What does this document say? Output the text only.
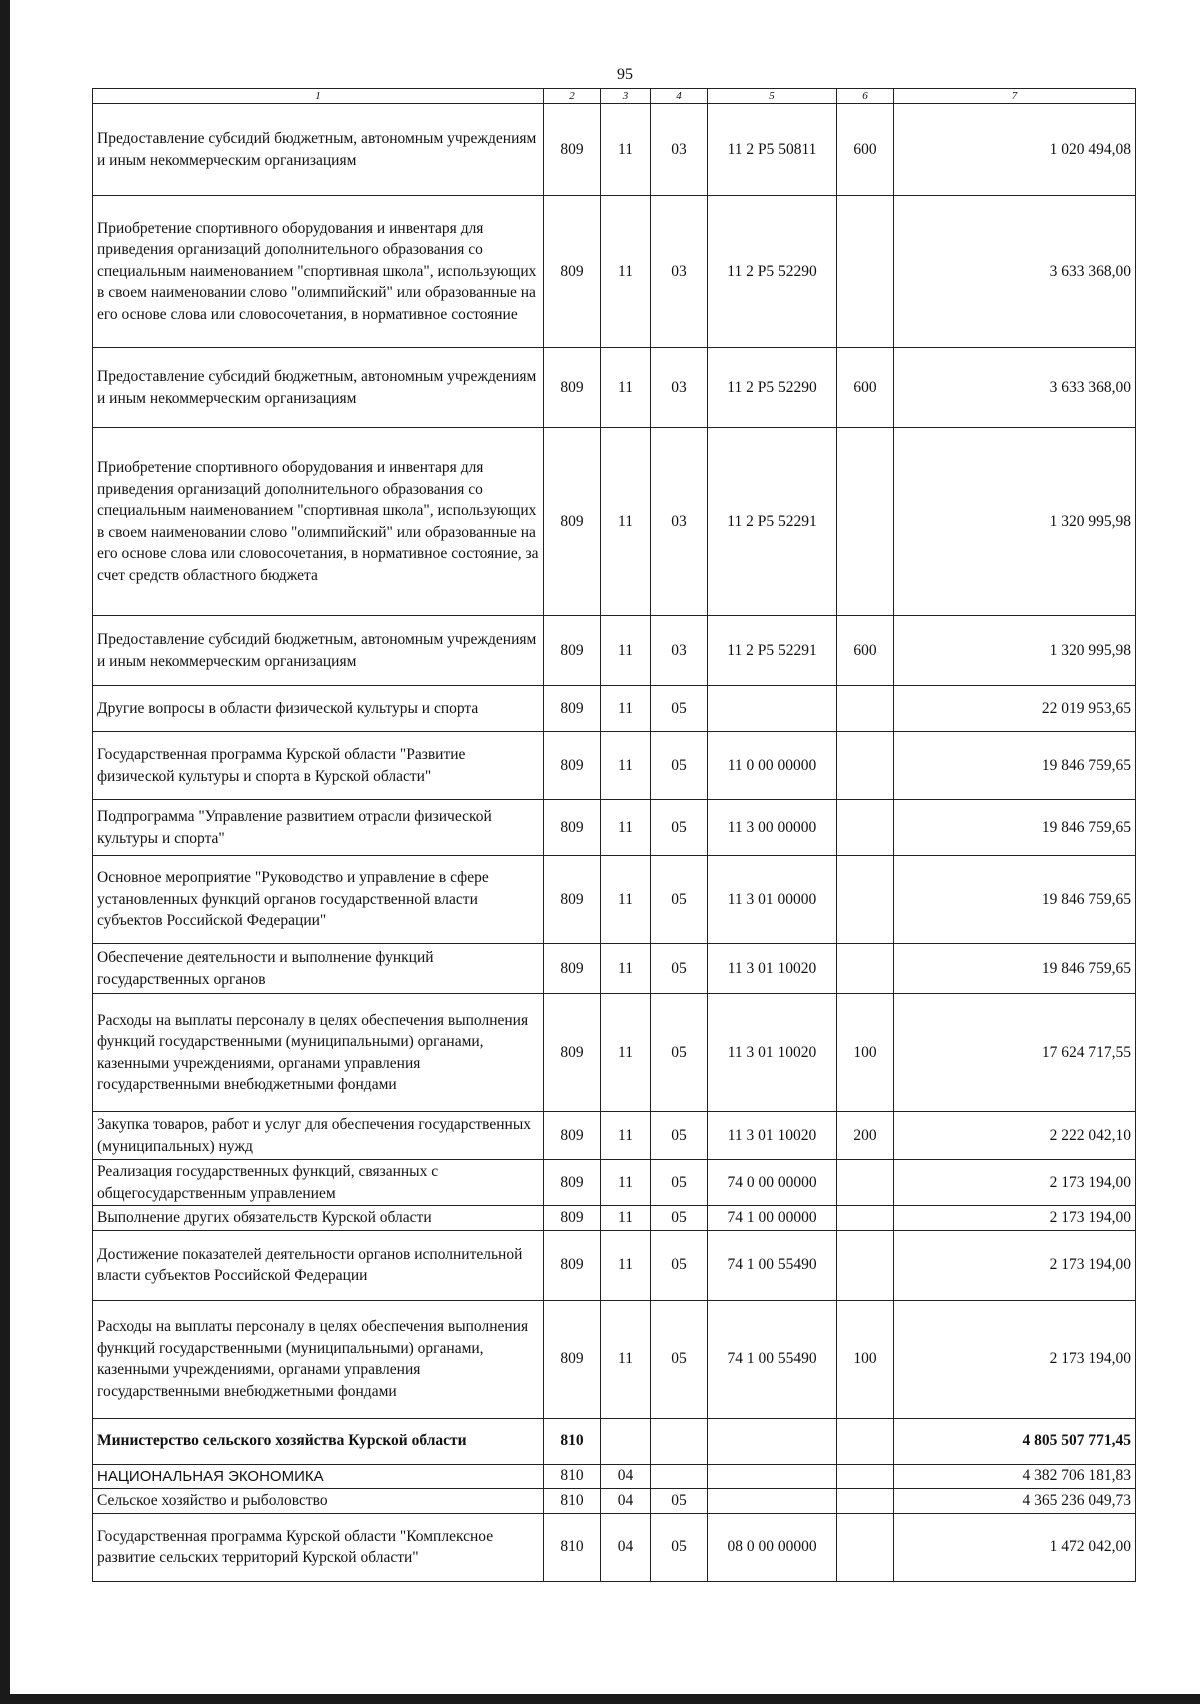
95
1	2	3	4	5	6	7
Предоставление субсидий бюджетным, автономным учреждениям и иным некоммерческим организациям	809	11	03	11 2 P5 50811	600	1 020 494,08
Приобретение спортивного оборудования и инвентаря для приведения организаций дополнительного образования со специальным наименованием "спортивная школа", использующих в своем наименовании слово "олимпийский" или образованные на его основе слова или словосочетания, в нормативное состояние	809	11	03	11 2 P5 52290		3 633 368,00
Предоставление субсидий бюджетным, автономным учреждениям и иным некоммерческим организациям	809	11	03	11 2 P5 52290	600	3 633 368,00
Приобретение спортивного оборудования и инвентаря для приведения организаций дополнительного образования со специальным наименованием "спортивная школа", использующих в своем наименовании слово "олимпийский" или образованные на его основе слова или словосочетания, в нормативное состояние, за счет средств областного бюджета	809	11	03	11 2 P5 52291		1 320 995,98
Предоставление субсидий бюджетным, автономным учреждениям и иным некоммерческим организациям	809	11	03	11 2 P5 52291	600	1 320 995,98
Другие вопросы в области физической культуры и спорта	809	11	05			22 019 953,65
Государственная программа Курской области "Развитие физической культуры и спорта в Курской области"	809	11	05	11 0 00 00000		19 846 759,65
Подпрограмма "Управление развитием отрасли физической культуры и спорта"	809	11	05	11 3 00 00000		19 846 759,65
Основное мероприятие "Руководство и управление в сфере установленных функций органов государственной власти субъектов Российской Федерации"	809	11	05	11 3 01 00000		19 846 759,65
Обеспечение деятельности и выполнение функций государственных органов	809	11	05	11 3 01 10020		19 846 759,65
Расходы на выплаты персоналу в целях обеспечения выполнения функций государственными (муниципальными) органами, казенными учреждениями, органами управления государственными внебюджетными фондами	809	11	05	11 3 01 10020	100	17 624 717,55
Закупка товаров, работ и услуг для обеспечения государственных (муниципальных) нужд	809	11	05	11 3 01 10020	200	2 222 042,10
Реализация государственных функций, связанных с общегосударственным управлением	809	11	05	74 0 00 00000		2 173 194,00
Выполнение других обязательств Курской области	809	11	05	74 1 00 00000		2 173 194,00
Достижение показателей деятельности органов исполнительной власти субъектов Российской Федерации	809	11	05	74 1 00 55490		2 173 194,00
Расходы на выплаты персоналу в целях обеспечения выполнения функций государственными (муниципальными) органами, казенными учреждениями, органами управления государственными внебюджетными фондами	809	11	05	74 1 00 55490	100	2 173 194,00
Министерство сельского хозяйства Курской области	810					4 805 507 771,45
НАЦИОНАЛЬНАЯ ЭКОНОМИКА	810	04				4 382 706 181,83
Сельское хозяйство и рыболовство	810	04	05			4 365 236 049,73
Государственная программа Курской области "Комплексное развитие сельских территорий Курской области"	810	04	05	08 0 00 00000		1 472 042,00
